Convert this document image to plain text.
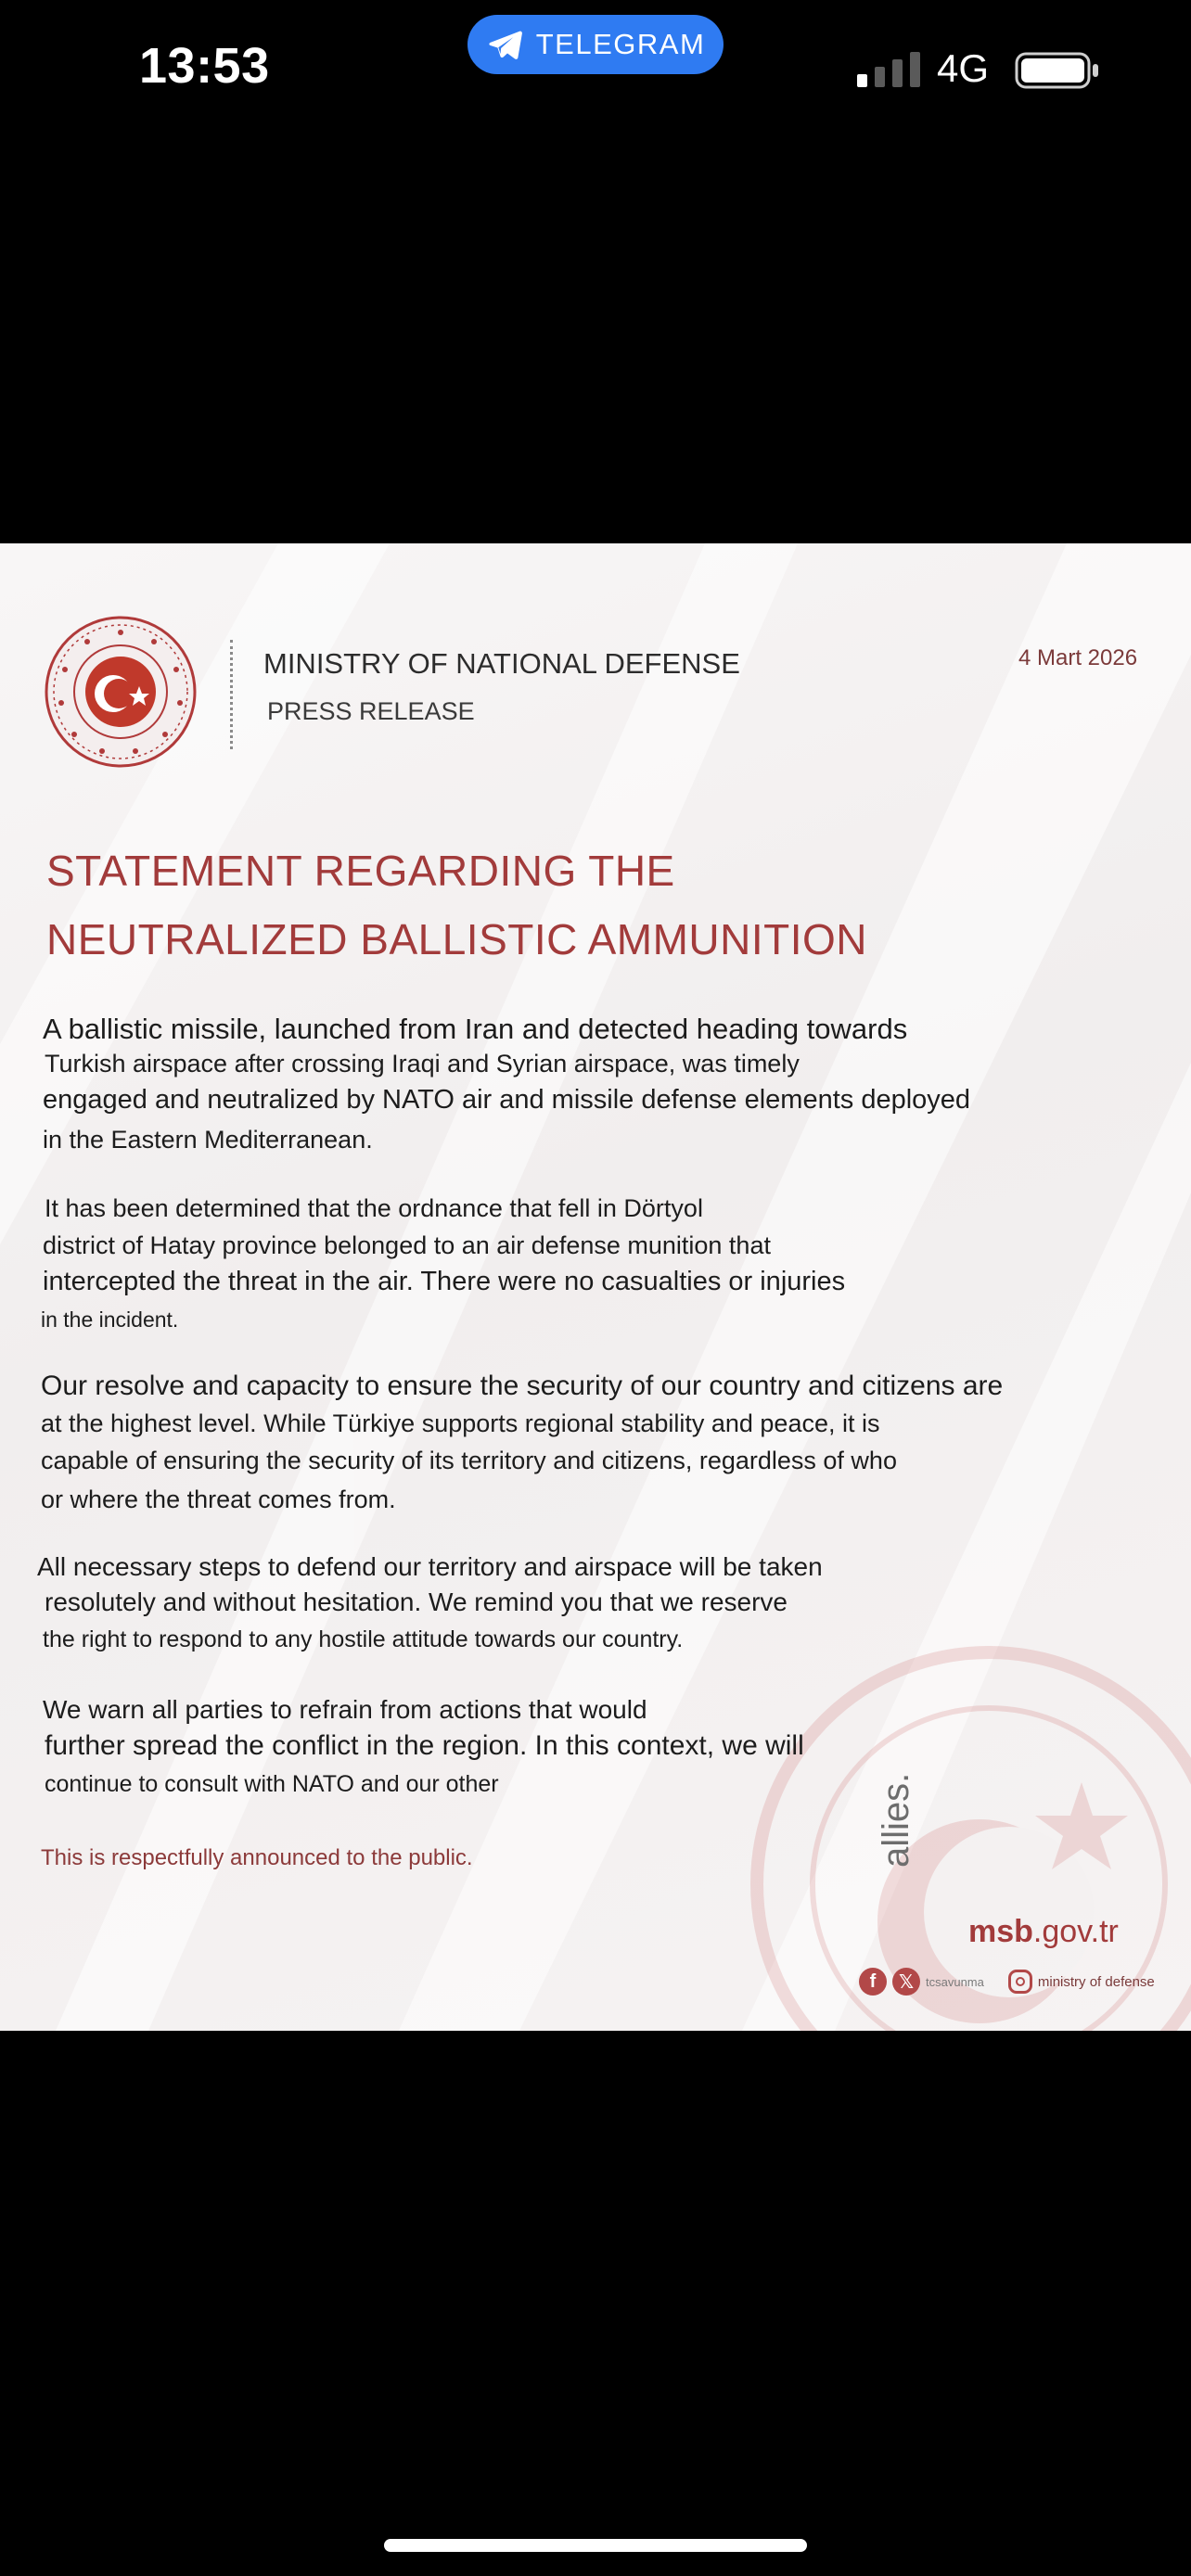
13:53	TELEGRAM
4G
MINISTRY OF NATIONAL DEFENSE
PRESS RELEASE
4 Mart 2026
STATEMENT REGARDING THE
NEUTRALIZED BALLISTIC AMMUNITION
A ballistic missile, launched from Iran and detected heading towards
Turkish airspace after crossing Iraqi and Syrian airspace, was timely
engaged and neutralized by NATO air and missile defense elements deployed
in the Eastern Mediterranean.
It has been determined that the ordnance that fell in Dörtyol
district of Hatay province belonged to an air defense munition that
intercepted the threat in the air. There were no casualties or injuries
in the incident.
Our resolve and capacity to ensure the security of our country and citizens are
at the highest level. While Türkiye supports regional stability and peace, it is
capable of ensuring the security of its territory and citizens, regardless of who
or where the threat comes from.
All necessary steps to defend our territory and airspace will be taken
resolutely and without hesitation. We remind you that we reserve
the right to respond to any hostile attitude towards our country.
We warn all parties to refrain from actions that would
further spread the conflict in the region. In this context, we will
continue to consult with NATO and our other
This is respectfully announced to the public.	allies.
msb.gov.tr
f	𝕏 tcsavunma	ministry of defense
